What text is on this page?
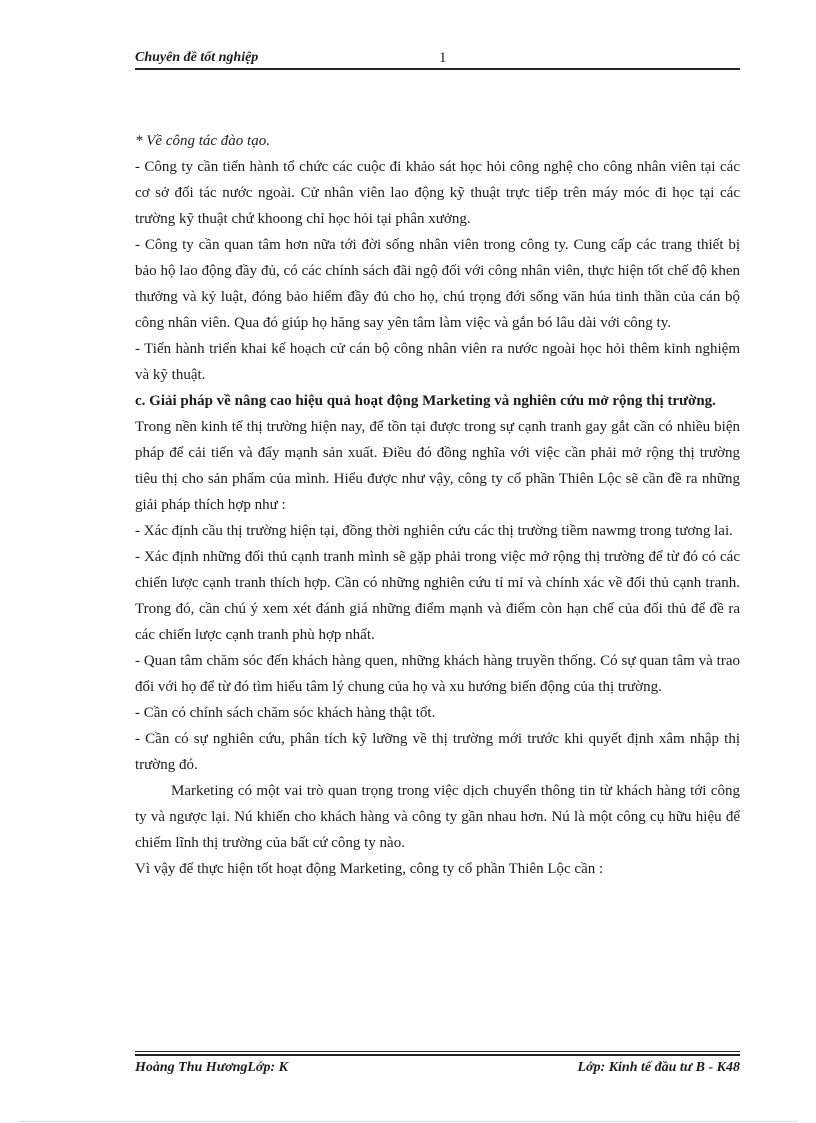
Chuyên đề tốt nghiệp	1

* Về công tác đào tạo.

- Công ty cần tiến hành tổ chức các cuộc đi khảo sát học hỏi công nghệ cho công nhân viên tại các cơ sở đối tác nước ngoài. Cử nhân viên lao động kỹ thuật trực tiếp trên máy móc đi học tại các trường kỹ thuật chứ khoong chỉ học hỏi tại phân xưởng.

- Công ty cần quan tâm hơn nữa tới đời sống nhân viên trong công ty. Cung cấp các trang thiết bị bảo hộ lao động đầy đủ, có các chính sách đãi ngộ đối với công nhân viên, thực hiện tốt chế độ khen thưởng và kỷ luật, đóng bảo hiểm đầy đủ cho họ, chú trọng đới sống văn húa tinh thần của cán bộ công nhân viên. Qua đó giúp họ hăng say yên tâm làm việc và gắn bó lâu dài với công ty.

- Tiến hành triển khai kế hoạch cử cán bộ công nhân viên ra nước ngoài học hỏi thêm kinh nghiệm và kỹ thuật.

c. Giải pháp về nâng cao hiệu quả hoạt động Marketing và nghiên cứu mở rộng thị trường.

Trong nền kinh tế thị trường hiện nay, để tồn tại được trong sự cạnh tranh gay gắt cần có nhiều biện pháp để cải tiến và đẩy mạnh sản xuất. Điều đó đồng nghĩa với việc cần phải mở rộng thị trường tiêu thị cho sản phẩm của mình. Hiểu được như vậy, công ty cổ phần Thiên Lộc sẽ cần đề ra những giải pháp thích hợp như :

- Xác định cầu thị trường hiện tại, đồng thời nghiên cứu các thị trường tiềm nawmg trong tương lai.

- Xác định những đối thủ cạnh tranh mình sẽ gặp phải trong việc mở rộng thị trường để từ đó có các chiến lược cạnh tranh thích hợp. Cần có những nghiên cứu tỉ mỉ và chính xác về đối thủ cạnh tranh. Trong đó, cần chú ý xem xét đánh giá những điểm mạnh và điểm còn hạn chế của đối thủ để đề ra các chiến lược cạnh tranh phù hợp nhất.

- Quan tâm chăm sóc đến khách hàng quen, những khách hàng truyền thống. Có sự quan tâm và trao đổi với họ để từ đó tìm hiểu tâm lý chung của họ và xu hướng biến động của thị trường.

- Cần có chính sách chăm sóc khách hàng thật tốt.

- Cần có sự nghiên cứu, phân tích kỹ lưỡng về thị trường mới trước khi quyết định xâm nhập thị trường đó.

Marketing có một vai trò quan trọng trong việc dịch chuyển thông tin từ khách hàng tới công ty và ngược lại. Nú khiến cho khách hàng và công ty gần nhau hơn. Nú là một công cụ hữu hiệu để chiếm lĩnh thị trường của bất cứ công ty nào.

Vì vậy để thực hiện tốt hoạt động Marketing, công ty cổ phần Thiên Lộc cần :

Hoàng Thu HươngLớp: K	Lớp: Kinh tế đầu tư B - K48
